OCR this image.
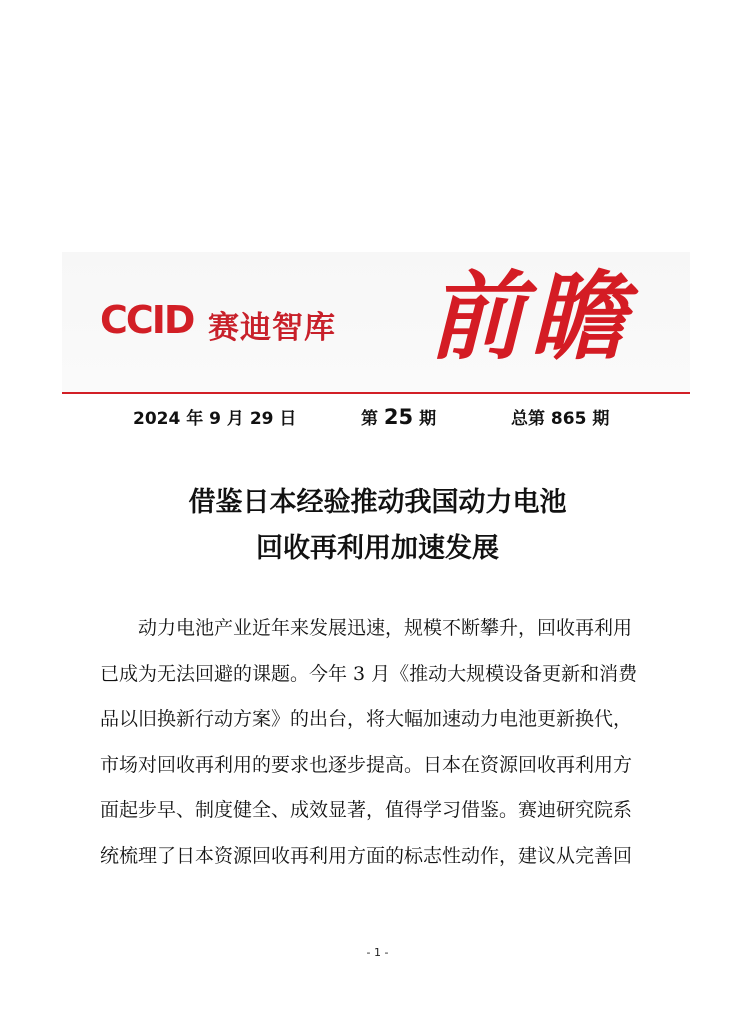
CCID 赛迪智库 前瞻
2024 年 9 月 29 日	第 25 期	总第 865 期
借鉴日本经验推动我国动力电池
回收再利用加速发展
动力电池产业近年来发展迅速，规模不断攀升，回收再利用
已成为无法回避的课题。今年 3 月《推动大规模设备更新和消费
品以旧换新行动方案》的出台，将大幅加速动力电池更新换代，
市场对回收再利用的要求也逐步提高。日本在资源回收再利用方
面起步早、制度健全、成效显著，值得学习借鉴。赛迪研究院系
统梳理了日本资源回收再利用方面的标志性动作，建议从完善回
- 1 -
